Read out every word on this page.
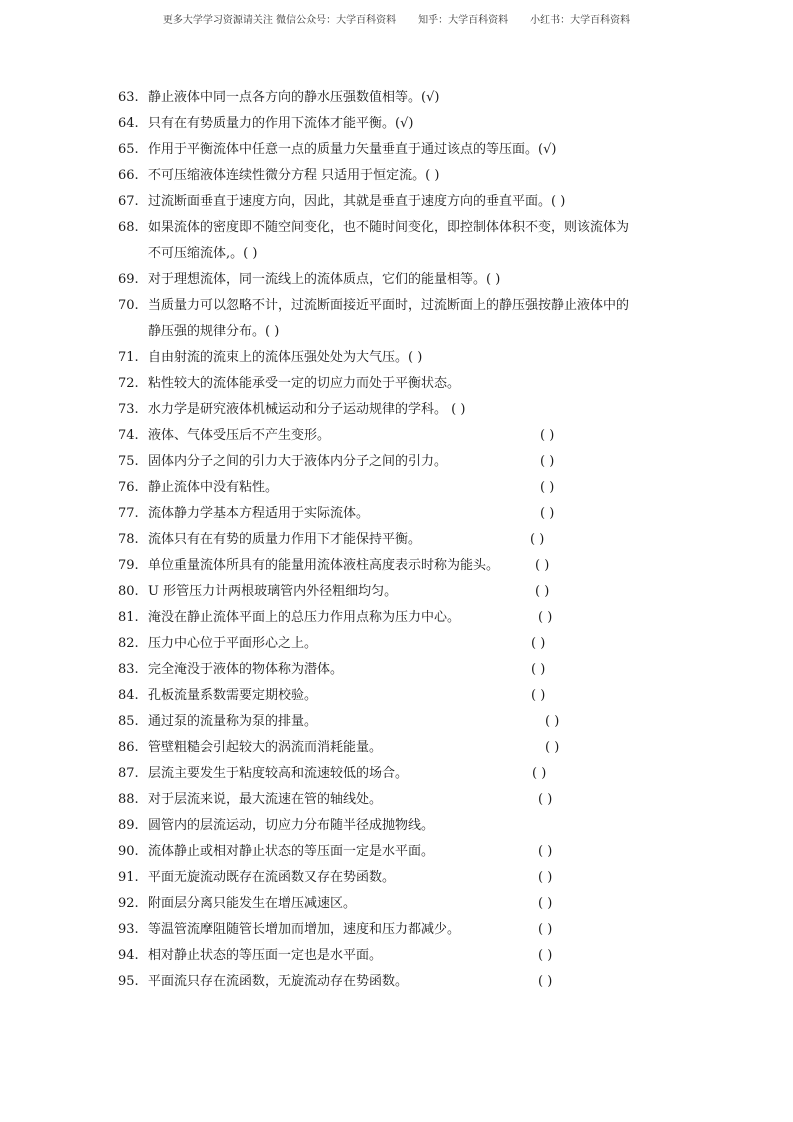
更多大学学习资源请关注 微信公众号：大学百科资料 知乎：大学百科资料 小红书：大学百科资料
63. 静止液体中同一点各方向的静水压强数值相等。(√)
64. 只有在有势质量力的作用下流体才能平衡。(√)
65. 作用于平衡流体中任意一点的质量力矢量垂直于通过该点的等压面。(√)
66. 不可压缩液体连续性微分方程 只适用于恒定流。( )
67. 过流断面垂直于速度方向，因此，其就是垂直于速度方向的垂直平面。( )
68. 如果流体的密度即不随空间变化，也不随时间变化，即控制体体积不变，则该流体为
不可压缩流体,。( )
69. 对于理想流体，同一流线上的流体质点，它们的能量相等。( )
70. 当质量力可以忽略不计，过流断面接近平面时，过流断面上的静压强按静止液体中的
静压强的规律分布。( )
71. 自由射流的流束上的流体压强处处为大气压。( )
72. 粘性较大的流体能承受一定的切应力而处于平衡状态。
73. 水力学是研究液体机械运动和分子运动规律的学科。 ( )
74. 液体、气体受压后不产生变形。	( )
75. 固体内分子之间的引力大于液体内分子之间的引力。	( )
76. 静止流体中没有粘性。	( )
77. 流体静力学基本方程适用于实际流体。	( )
78. 流体只有在有势的质量力作用下才能保持平衡。	( )
79. 单位重量流体所具有的能量用流体液柱高度表示时称为能头。	( )
80. U 形管压力计两根玻璃管内外径粗细均匀。	( )
81. 淹没在静止流体平面上的总压力作用点称为压力中心。	( )
82. 压力中心位于平面形心之上。	( )
83. 完全淹没于液体的物体称为潜体。	( )
84. 孔板流量系数需要定期校验。	( )
85. 通过泵的流量称为泵的排量。	( )
86. 管壁粗糙会引起较大的涡流而消耗能量。	( )
87. 层流主要发生于粘度较高和流速较低的场合。	( )
88. 对于层流来说，最大流速在管的轴线处。	( )
89. 圆管内的层流运动，切应力分布随半径成抛物线。
90. 流体静止或相对静止状态的等压面一定是水平面。	( )
91. 平面无旋流动既存在流函数又存在势函数。	( )
92. 附面层分离只能发生在增压减速区。	( )
93. 等温管流摩阻随管长增加而增加，速度和压力都减少。	( )
94. 相对静止状态的等压面一定也是水平面。	( )
95. 平面流只存在流函数，无旋流动存在势函数。	( )
